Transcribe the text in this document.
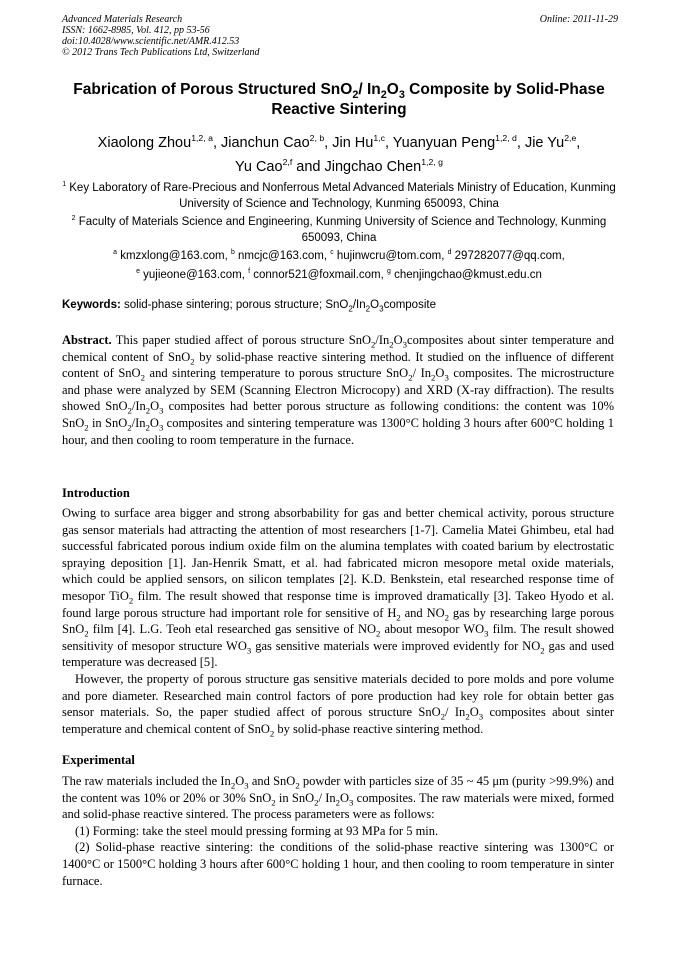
Advanced Materials Research
ISSN: 1662-8985, Vol. 412, pp 53-56
doi:10.4028/www.scientific.net/AMR.412.53
© 2012 Trans Tech Publications Ltd, Switzerland
Online: 2011-11-29
Fabrication of Porous Structured SnO$_2$/ $In_2O_3$ Composite by Solid-Phase Reactive Sintering
Xiaolong Zhou$^{1,2, a}$, Jianchun Cao$^{2, b}$, Jin Hu$^{1,c}$, Yuanyuan Peng$^{1,2, d}$, Jie Yu$^{2,e}$,
Yu Cao$^{2,f}$ and Jingchao Chen$^{1,2, g}$
$^1$ Key Laboratory of Rare-Precious and Nonferrous Metal Advanced Materials Ministry of Education, Kunming University of Science and Technology, Kunming 650093, China
$^2$ Faculty of Materials Science and Engineering, Kunming University of Science and Technology, Kunming 650093, China
$^a$ kmzxlong@163.com, $^b$ nmcjc@163.com, $^c$ hujinwcru@tom.com, $^d$ 297282077@qq.com,
$^e$ yujieone@163.com, $^f$ connor521@foxmail.com, $^g$ chenjingchao@kmust.edu.cn
Keywords: solid-phase sintering; porous structure; $SnO_2/In_2O_3composite$

Abstract. This paper studied affect of porous structure $SnO_2/In_2O_3composites$ about sinter temperature and chemical content of SnO$_2$ by solid-phase reactive sintering method. It studied on the influence of different content of SnO$_2$ and sintering temperature to porous structure SnO$_2$/ $In_2O_3$ composites. The microstructure and phase were analyzed by SEM (Scanning Electron Microcopy) and XRD (X-ray diffraction). The results showed $SnO_2/In_2O_3$ composites had better porous structure as following conditions: the content was 10% SnO$_2$ in $SnO_2/In_2O_3$ composites and sintering temperature was 1300°C holding 3 hours after 600°C holding 1 hour, and then cooling to room temperature in the furnace.

Introduction

Owing to surface area bigger and strong absorbability for gas and better chemical activity, porous structure gas sensor materials had attracting the attention of most researchers [1-7]. Camelia Matei Ghimbeu, etal had successful fabricated porous indium oxide film on the alumina templates with coated barium by electrostatic spraying deposition [1]. Jan-Henrik Smatt, et al. had fabricated micron mesopore metal oxide materials, which could be applied sensors, on silicon templates [2]. K.D. Benkstein, etal researched response time of mesopor TiO$_2$ film. The result showed that response time is improved dramatically [3]. Takeo Hyodo et al. found large porous structure had important role for sensitive of $H_2$ and $NO_2$ gas by researching large porous SnO$_2$ film [4]. L.G. Teoh etal researched gas sensitive of $NO_2$ about mesopor $WO_3$ film. The result showed sensitivity of mesopor structure $WO_3$ gas sensitive materials were improved evidently for $NO_2$ gas and used temperature was decreased [5].

However, the property of porous structure gas sensitive materials decided to pore molds and pore volume and pore diameter. Researched main control factors of pore production had key role for obtain better gas sensor materials. So, the paper studied affect of porous structure SnO$_2$/ $In_2O_3$ composites about sinter temperature and chemical content of SnO$_2$ by solid-phase reactive sintering method.

Experimental

The raw materials included the $In_2O_3$ and SnO$_2$ powder with particles size of 35 ~ 45 μm (purity >99.9%) and the content was 10% or 20% or 30% SnO$_2$ in SnO$_2$/ $In_2O_3$ composites. The raw materials were mixed, formed and solid-phase reactive sintered. The process parameters were as follows:

(1) Forming: take the steel mould pressing forming at 93 MPa for 5 min.

(2) Solid-phase reactive sintering: the conditions of the solid-phase reactive sintering was 1300°C or 1400°C or 1500°C holding 3 hours after 600°C holding 1 hour, and then cooling to room temperature in sinter furnace.
